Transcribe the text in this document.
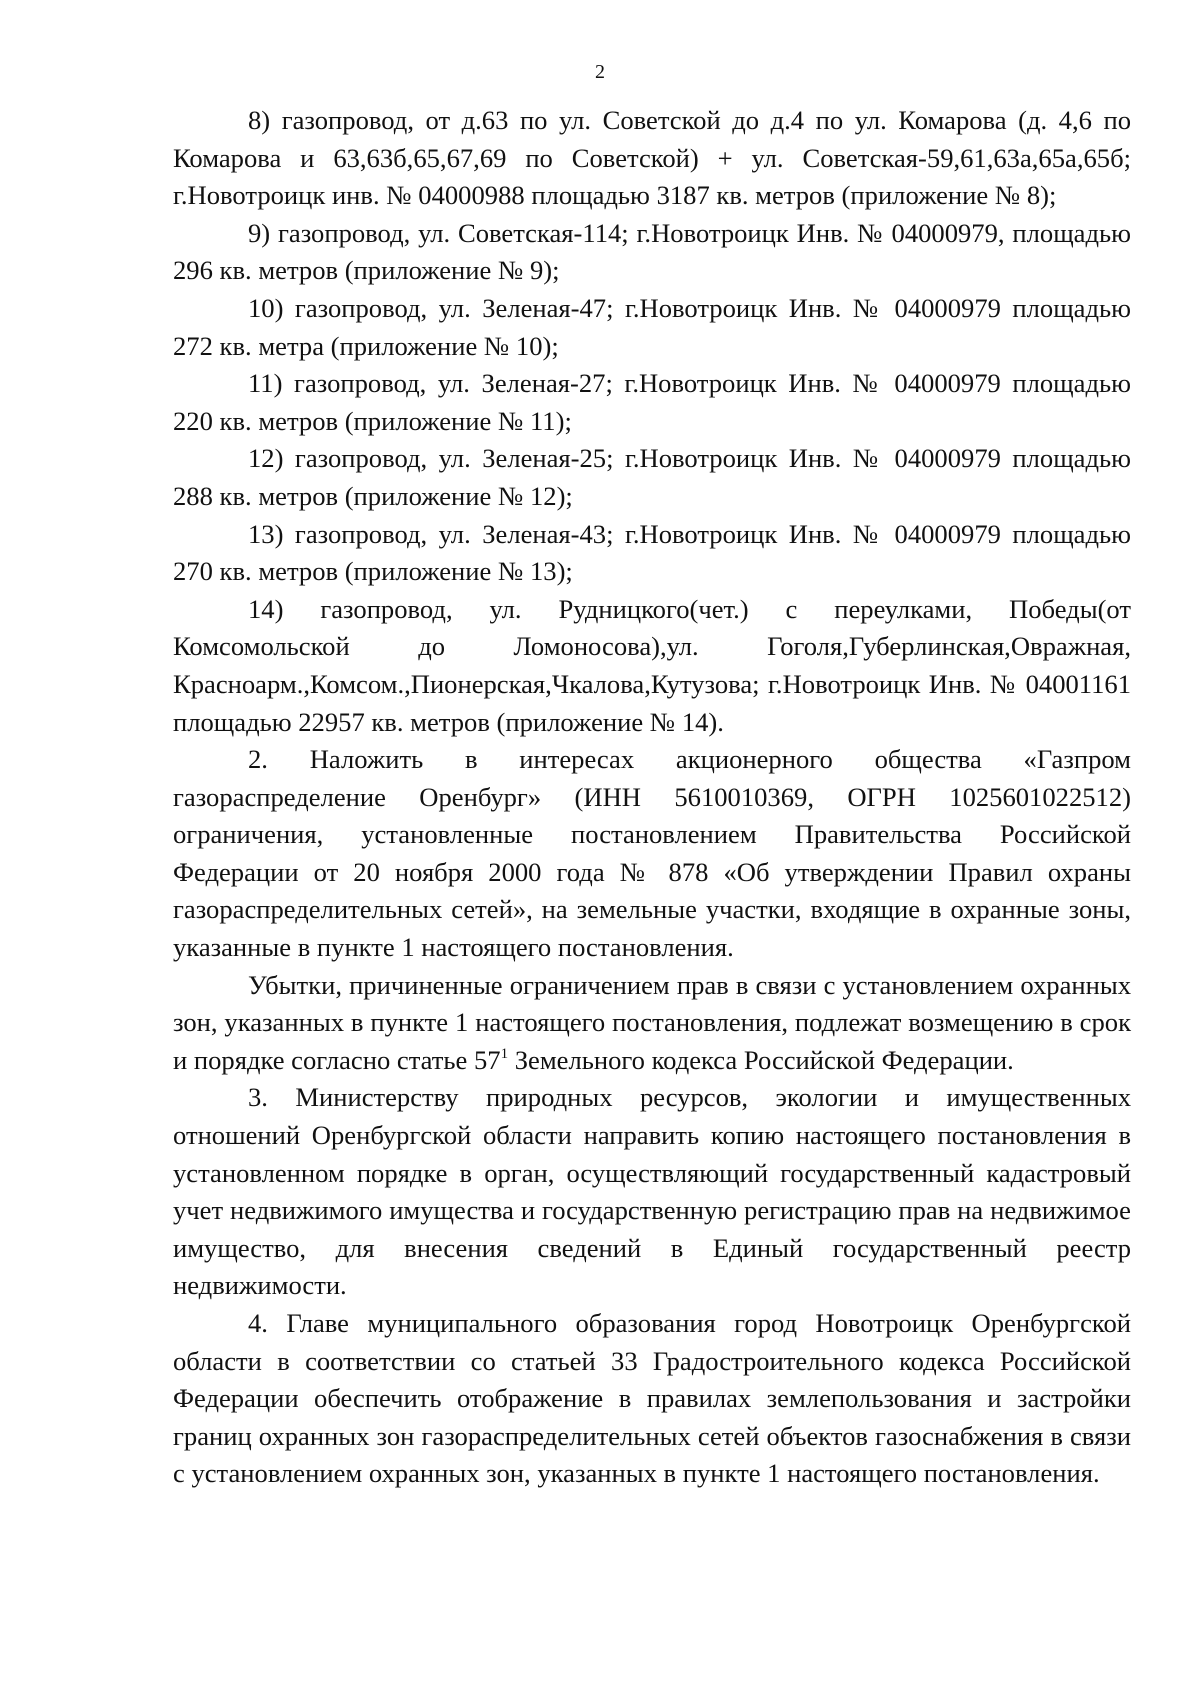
2

8) газопровод, от д.63 по ул. Советской до д.4 по ул. Комарова (д. 4,6 по Комарова и 63,63б,65,67,69 по Советской) + ул. Советская-59,61,63а,65а,65б; г.Новотроицк инв. № 04000988 площадью 3187 кв. метров (приложение № 8);

9) газопровод, ул. Советская-114; г.Новотроицк Инв. № 04000979, площадью 296 кв. метров (приложение № 9);

10) газопровод, ул. Зеленая-47; г.Новотроицк Инв. № 04000979 площадью 272 кв. метра (приложение № 10);

11) газопровод, ул. Зеленая-27; г.Новотроицк Инв. № 04000979 площадью 220 кв. метров (приложение № 11);

12) газопровод, ул. Зеленая-25; г.Новотроицк Инв. № 04000979 площадью 288 кв. метров (приложение № 12);

13) газопровод, ул. Зеленая-43; г.Новотроицк Инв. № 04000979 площадью 270 кв. метров (приложение № 13);

14) газопровод, ул. Рудницкого(чет.) с переулками, Победы(от Комсомольской до Ломоносова),ул. Гоголя,Губерлинская,Овражная, Красноарм.,Комсом.,Пионерская,Чкалова,Кутузова; г.Новотроицк Инв. № 04001161 площадью 22957 кв. метров (приложение № 14).

2. Наложить в интересах акционерного общества «Газпром газораспределение Оренбург» (ИНН 5610010369, ОГРН 1025601022512) ограничения, установленные постановлением Правительства Российской Федерации от 20 ноября 2000 года № 878 «Об утверждении Правил охраны газораспределительных сетей», на земельные участки, входящие в охранные зоны, указанные в пункте 1 настоящего постановления.

Убытки, причиненные ограничением прав в связи с установлением охранных зон, указанных в пункте 1 настоящего постановления, подлежат возмещению в срок и порядке согласно статье $57^1$ Земельного кодекса Российской Федерации.

3. Министерству природных ресурсов, экологии и имущественных отношений Оренбургской области направить копию настоящего постановления в установленном порядке в орган, осуществляющий государственный кадастровый учет недвижимого имущества и государственную регистрацию прав на недвижимое имущество, для внесения сведений в Единый государственный реестр недвижимости.

4. Главе муниципального образования город Новотроицк Оренбургской области в соответствии со статьей 33 Градостроительного кодекса Российской Федерации обеспечить отображение в правилах землепользования и застройки границ охранных зон газораспределительных сетей объектов газоснабжения в связи с установлением охранных зон, указанных в пункте 1 настоящего постановления.
